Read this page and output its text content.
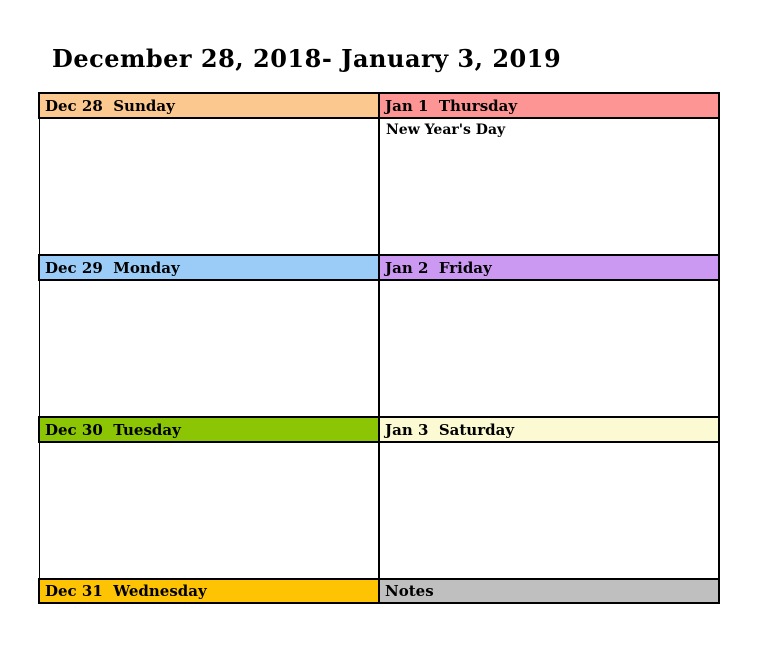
December 28, 2018- January 3, 2019
Dec 28  Sunday	Jan 1  Thursday

	New Year's Day

Dec 29  Monday	Jan 2  Friday

Dec 30  Tuesday	Jan 3  Saturday

Dec 31  Wednesday	Notes
